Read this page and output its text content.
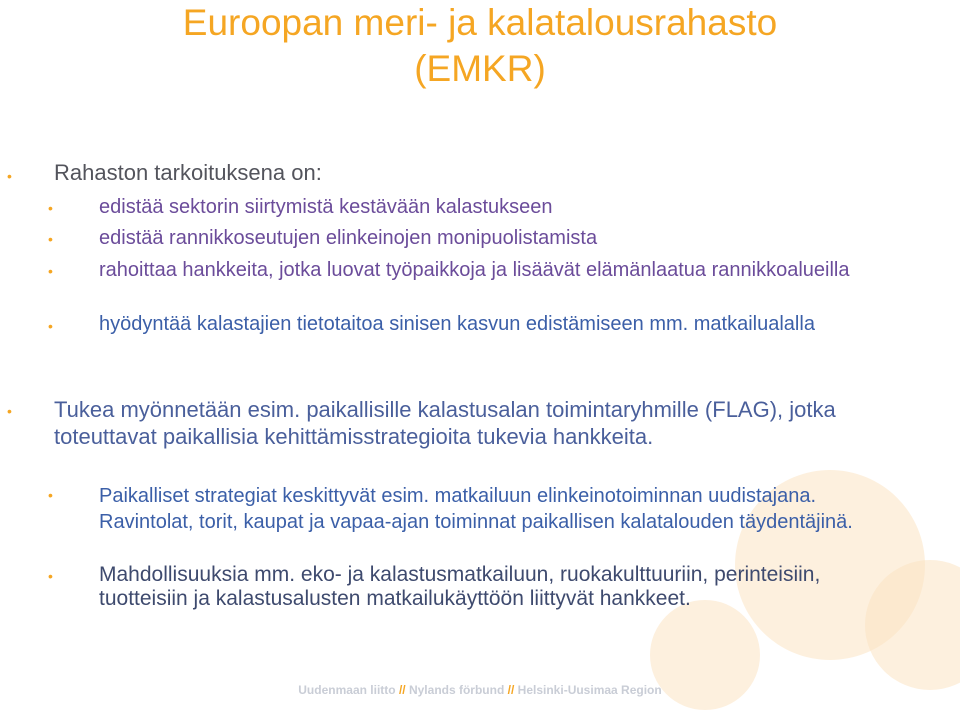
Euroopan meri- ja kalatalousrahasto
(EMKR)
• Rahaston tarkoituksena on:

• edistää sektorin siirtymistä kestävään kalastukseen

• edistää rannikkoseutujen elinkeinojen monipuolistamista

• rahoittaa hankkeita, jotka luovat työpaikkoja ja lisäävät elämänlaatua rannikkoalueilla

• hyödyntää kalastajien tietotaitoa sinisen kasvun edistämiseen mm. matkailualalla

• Tukea myönnetään esim. paikallisille kalastusalan toimintaryhmille (FLAG), jotka toteuttavat paikallisia kehittämisstrategioita tukevia hankkeita.

• Paikalliset strategiat keskittyvät esim. matkailuun elinkeinotoiminnan uudistajana. Ravintolat, torit, kaupat ja vapaa-ajan toiminnat paikallisen kalatalouden täydentäjinä.

• Mahdollisuuksia mm. eko- ja kalastusmatkailuun, ruokakulttuuriin, perinteisiin, tuotteisiin ja kalastusalusten matkailukäyttöön liittyvät hankkeet.

Uudenmaan liitto // Nylands förbund // Helsinki-Uusimaa Region
